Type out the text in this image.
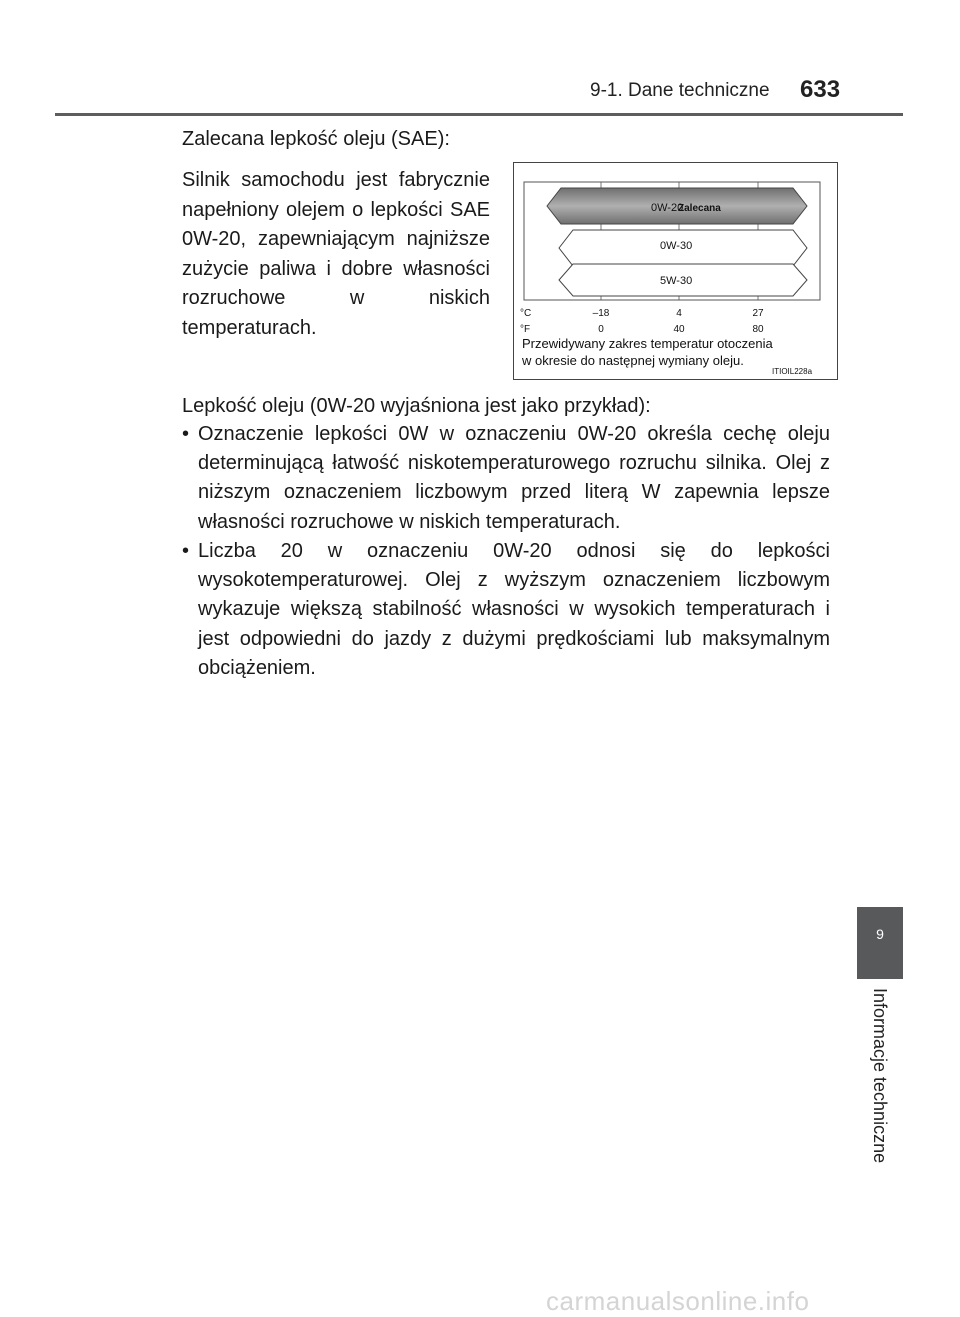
9-1. Dane techniczne 633
Zalecana lepkość oleju (SAE):
Silnik samochodu jest fabrycznie napełniony olejem o lepkości SAE 0W-20, zapewniającym najniższe zużycie paliwa i dobre własności rozruchowe w niskich temperaturach.
0W-20
Zalecana
0W-30
5W-30
°C
°F
–18	4	27
0	40	80
Przewidywany zakres temperatur otoczenia
w okresie do następnej wymiany oleju.
ITIOIL228a
Lepkość oleju (0W-20 wyjaśniona jest jako przykład):
• Oznaczenie lepkości 0W w oznaczeniu 0W-20 określa cechę oleju determinującą łatwość niskotemperaturowego rozruchu silnika. Olej z niższym oznaczeniem liczbowym przed literą W zapewnia lepsze własności rozruchowe w niskich temperaturach.
• Liczba 20 w oznaczeniu 0W-20 odnosi się do lepkości wysokotemperaturowej. Olej z wyższym oznaczeniem liczbowym wykazuje większą stabilność własności w wysokich temperaturach i jest odpowiedni do jazdy z dużymi prędkościami lub maksymalnym obciążeniem.
9
Informacje techniczne
carmanualsonline.info
